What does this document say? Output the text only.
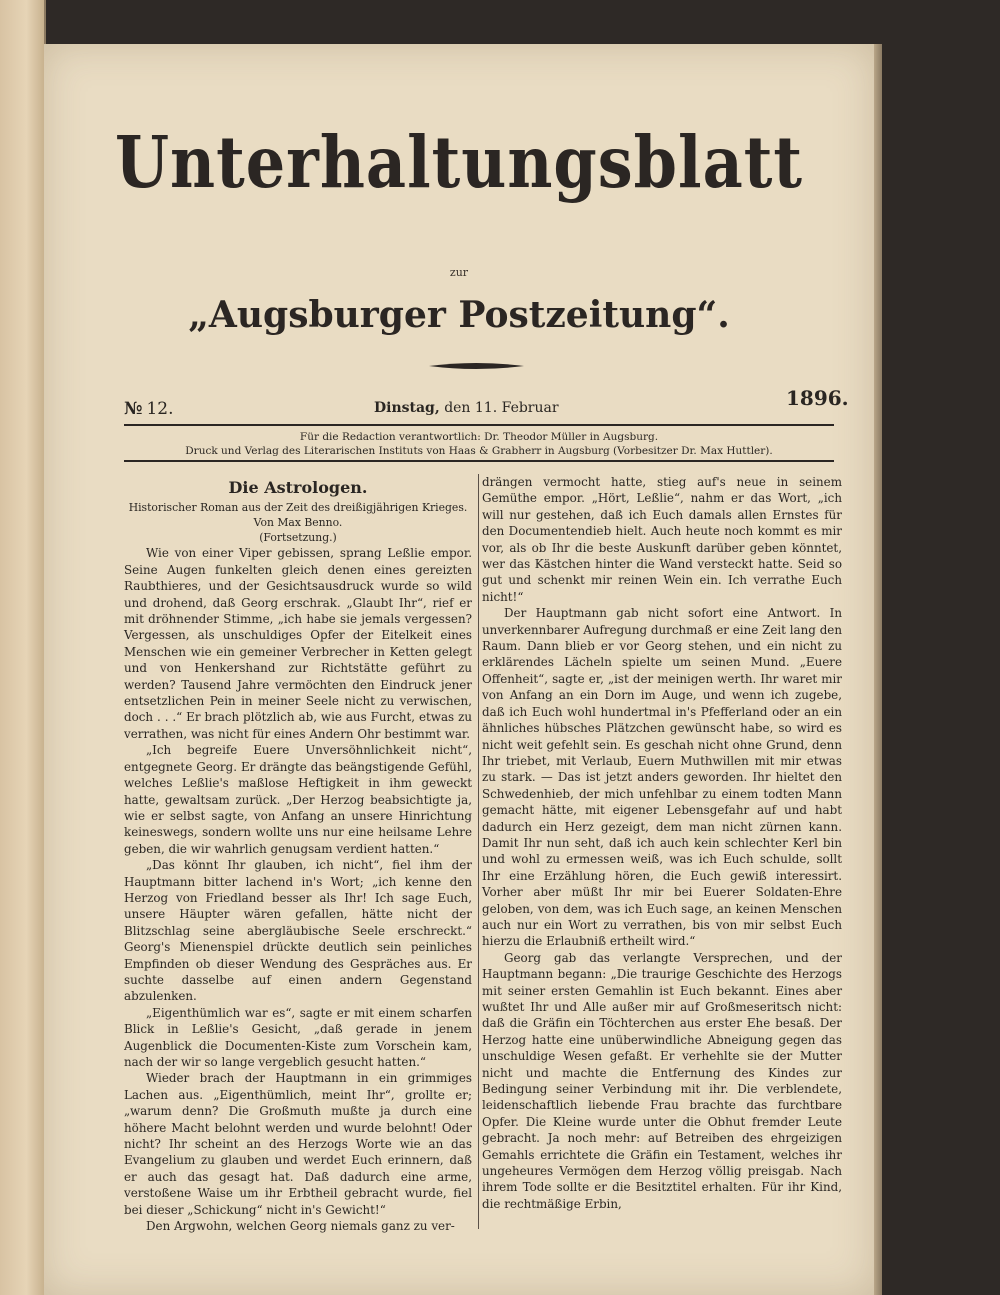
Unterhaltungsblatt
zur
„Augsburger Postzeitung“.
№ 12.	Dinstag, den 11. Februar	1896.
Für die Redaction verantwortlich: Dr. Theodor Müller in Augsburg.
Druck und Verlag des Literarischen Instituts von Haas & Grabherr in Augsburg (Vorbesitzer Dr. Max Huttler).
Die Astrologen.
Historischer Roman aus der Zeit des dreißigjährigen Krieges.
Von Max Benno.
(Fortsetzung.)

Wie von einer Viper gebissen, sprang Leßlie empor. Seine Augen funkelten gleich denen eines gereizten Raubthieres, und der Gesichtsausdruck wurde so wild und drohend, daß Georg erschrak. „Glaubt Ihr“, rief er mit dröhnender Stimme, „ich habe sie jemals vergessen? Vergessen, als unschuldiges Opfer der Eitelkeit eines Menschen wie ein gemeiner Verbrecher in Ketten gelegt und von Henkershand zur Richtstätte geführt zu werden? Tausend Jahre vermöchten den Eindruck jener entsetzlichen Pein in meiner Seele nicht zu verwischen, doch . . .“ Er brach plötzlich ab, wie aus Furcht, etwas zu verrathen, was nicht für eines Andern Ohr bestimmt war.

„Ich begreife Euere Unversöhnlichkeit nicht“, entgegnete Georg. Er drängte das beängstigende Gefühl, welches Leßlie's maßlose Heftigkeit in ihm geweckt hatte, gewaltsam zurück. „Der Herzog beabsichtigte ja, wie er selbst sagte, von Anfang an unsere Hinrichtung keineswegs, sondern wollte uns nur eine heilsame Lehre geben, die wir wahrlich genugsam verdient hatten.“

„Das könnt Ihr glauben, ich nicht“, fiel ihm der Hauptmann bitter lachend in's Wort; „ich kenne den Herzog von Friedland besser als Ihr! Ich sage Euch, unsere Häupter wären gefallen, hätte nicht der Blitzschlag seine abergläubische Seele erschreckt.“ Georg's Mienenspiel drückte deutlich sein peinliches Empfinden ob dieser Wendung des Gespräches aus. Er suchte dasselbe auf einen andern Gegenstand abzulenken.

„Eigenthümlich war es“, sagte er mit einem scharfen Blick in Leßlie's Gesicht, „daß gerade in jenem Augenblick die Documenten-Kiste zum Vorschein kam, nach der wir so lange vergeblich gesucht hatten.“

Wieder brach der Hauptmann in ein grimmiges Lachen aus. „Eigenthümlich, meint Ihr“, grollte er; „warum denn? Die Großmuth mußte ja durch eine höhere Macht belohnt werden und wurde belohnt! Oder nicht? Ihr scheint an des Herzogs Worte wie an das Evangelium zu glauben und werdet Euch erinnern, daß er auch das gesagt hat. Daß dadurch eine arme, verstoßene Waise um ihr Erbtheil gebracht wurde, fiel bei dieser „Schickung“ nicht in's Gewicht!“

Den Argwohn, welchen Georg niemals ganz zu ver-

drängen vermocht hatte, stieg auf's neue in seinem Gemüthe empor. „Hört, Leßlie“, nahm er das Wort, „ich will nur gestehen, daß ich Euch damals allen Ernstes für den Documentendieb hielt. Auch heute noch kommt es mir vor, als ob Ihr die beste Auskunft darüber geben könntet, wer das Kästchen hinter die Wand versteckt hatte. Seid so gut und schenkt mir reinen Wein ein. Ich verrathe Euch nicht!“

Der Hauptmann gab nicht sofort eine Antwort. In unverkennbarer Aufregung durchmaß er eine Zeit lang den Raum. Dann blieb er vor Georg stehen, und ein nicht zu erklärendes Lächeln spielte um seinen Mund. „Euere Offenheit“, sagte er, „ist der meinigen werth. Ihr waret mir von Anfang an ein Dorn im Auge, und wenn ich zugebe, daß ich Euch wohl hundertmal in's Pfefferland oder an ein ähnliches hübsches Plätzchen gewünscht habe, so wird es nicht weit gefehlt sein. Es geschah nicht ohne Grund, denn Ihr triebet, mit Verlaub, Euern Muthwillen mit mir etwas zu stark. — Das ist jetzt anders geworden. Ihr hieltet den Schwedenhieb, der mich unfehlbar zu einem todten Mann gemacht hätte, mit eigener Lebensgefahr auf und habt dadurch ein Herz gezeigt, dem man nicht zürnen kann. Damit Ihr nun seht, daß ich auch kein schlechter Kerl bin und wohl zu ermessen weiß, was ich Euch schulde, sollt Ihr eine Erzählung hören, die Euch gewiß interessirt. Vorher aber müßt Ihr mir bei Euerer Soldaten-Ehre geloben, von dem, was ich Euch sage, an keinen Menschen auch nur ein Wort zu verrathen, bis von mir selbst Euch hierzu die Erlaubniß ertheilt wird.“

Georg gab das verlangte Versprechen, und der Hauptmann begann: „Die traurige Geschichte des Herzogs mit seiner ersten Gemahlin ist Euch bekannt. Eines aber wußtet Ihr und Alle außer mir auf Großmeseritsch nicht: daß die Gräfin ein Töchterchen aus erster Ehe besaß. Der Herzog hatte eine unüberwindliche Abneigung gegen das unschuldige Wesen gefaßt. Er verhehlte sie der Mutter nicht und machte die Entfernung des Kindes zur Bedingung seiner Verbindung mit ihr. Die verblendete, leidenschaftlich liebende Frau brachte das furchtbare Opfer. Die Kleine wurde unter die Obhut fremder Leute gebracht. Ja noch mehr: auf Betreiben des ehrgeizigen Gemahls errichtete die Gräfin ein Testament, welches ihr ungeheures Vermögen dem Herzog völlig preisgab. Nach ihrem Tode sollte er die Besitztitel erhalten. Für ihr Kind, die rechtmäßige Erbin,
